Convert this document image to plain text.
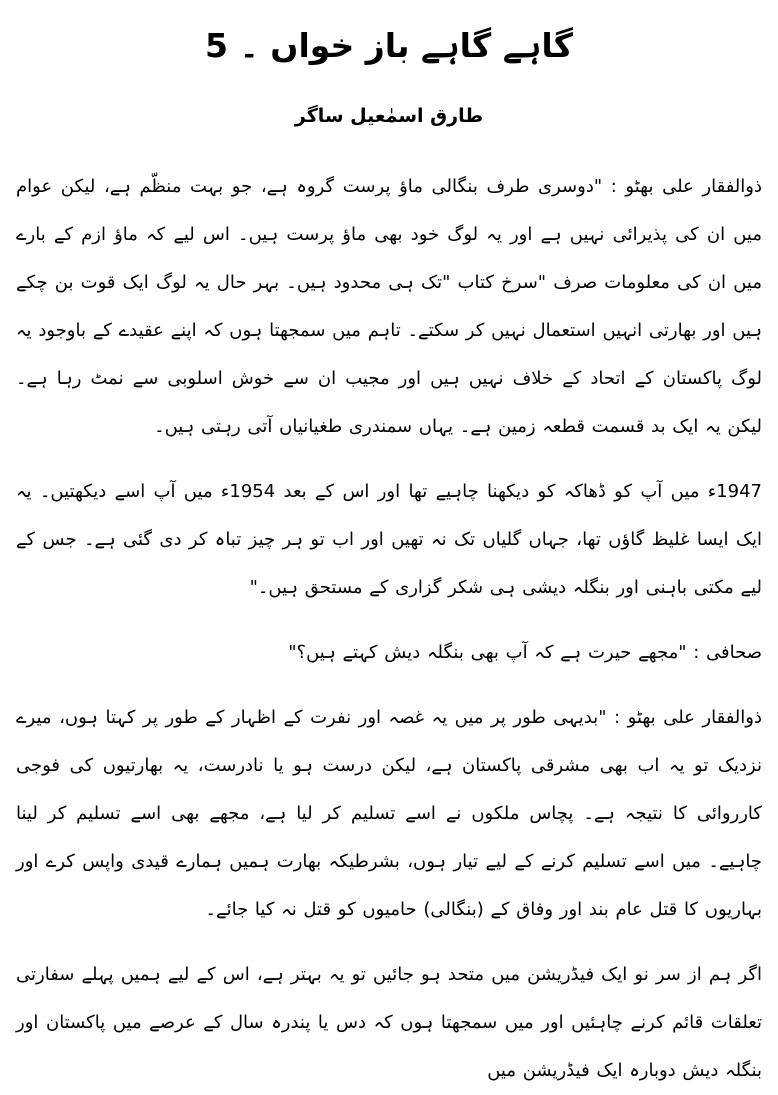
گاہے گاہے باز خواں ۔ 5
طارق اسمٰعیل ساگر

ذوالفقار علی بھٹو : "دوسری طرف بنگالی ماؤ پرست گروہ ہے، جو بہت منظّم ہے، لیکن عوام میں ان کی پذیرائی نہیں ہے اور یہ لوگ خود بھی ماؤ پرست ہیں۔ اس لیے کہ ماؤ ازم کے بارے میں ان کی معلومات صرف "سرخ کتاب "تک ہی محدود ہیں۔ بہر حال یہ لوگ ایک قوت بن چکے ہیں اور بھارتی انہیں استعمال نہیں کر سکتے۔ تاہم میں سمجھتا ہوں کہ اپنے عقیدے کے باوجود یہ لوگ پاکستان کے اتحاد کے خلاف نہیں ہیں اور مجیب ان سے خوش اسلوبی سے نمٹ رہا ہے۔ لیکن یہ ایک بد قسمت قطعہ زمین ہے۔ یہاں سمندری طغیانیاں آتی رہتی ہیں۔

1947ء میں آپ کو ڈھاکہ کو دیکھنا چاہیے تھا اور اس کے بعد 1954ء میں آپ اسے دیکھتیں۔ یہ ایک ایسا غلیظ گاؤں تھا، جہاں گلیاں تک نہ تھیں اور اب تو ہر چیز تباہ کر دی گئی ہے۔ جس کے لیے مکتی باہنی اور بنگلہ دیشی ہی شکر گزاری کے مستحق ہیں۔"

صحافی : "مجھے حیرت ہے کہ آپ بھی بنگلہ دیش کہتے ہیں؟"

ذوالفقار علی بھٹو : "بدیہی طور پر میں یہ غصہ اور نفرت کے اظہار کے طور پر کہتا ہوں، میرے نزدیک تو یہ اب بھی مشرقی پاکستان ہے، لیکن درست ہو یا نادرست، یہ بھارتیوں کی فوجی کارروائی کا نتیجہ ہے۔ پچاس ملکوں نے اسے تسلیم کر لیا ہے، مجھے بھی اسے تسلیم کر لینا چاہیے۔ میں اسے تسلیم کرنے کے لیے تیار ہوں، بشرطیکہ بھارت ہمیں ہمارے قیدی واپس کرے اور بہاریوں کا قتل عام بند اور وفاق کے (بنگالی) حامیوں کو قتل نہ کیا جائے۔

اگر ہم از سر نو ایک فیڈریشن میں متحد ہو جائیں تو یہ بہتر ہے، اس کے لیے ہمیں پہلے سفارتی تعلقات قائم کرنے چاہئیں اور میں سمجھتا ہوں کہ دس یا پندرہ سال کے عرصے میں پاکستان اور بنگلہ دیش دوبارہ ایک فیڈریشن میں
